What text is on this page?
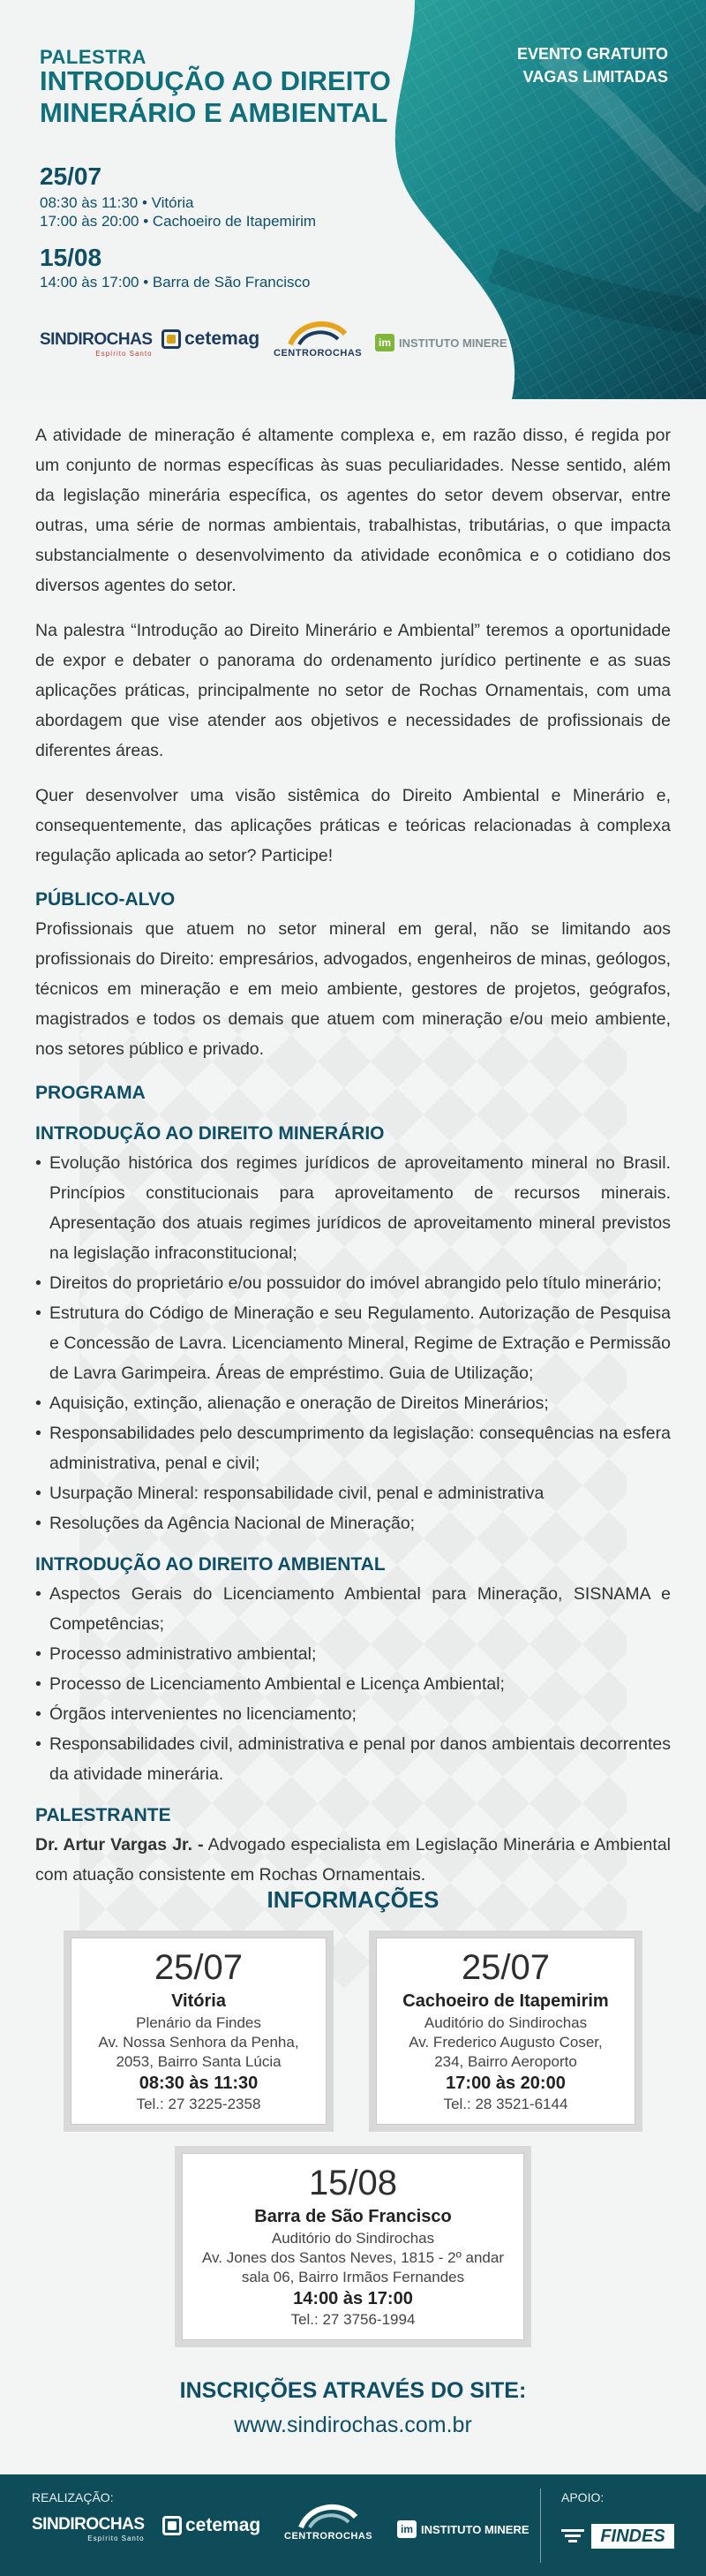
PALESTRA
INTRODUÇÃO AO DIREITO
MINERÁRIO E AMBIENTAL
EVENTO GRATUITO
VAGAS LIMITADAS
25/07
08:30 às 11:30 • Vitória
17:00 às 20:00 • Cachoeiro de Itapemirim
15/08
14:00 às 17:00 • Barra de São Francisco
SINDIROCHAS
Espírito Santo
cetemag
CENTROROCHAS
im INSTITUTO MINERE

A atividade de mineração é altamente complexa e, em razão disso, é regida por um conjunto de normas específicas às suas peculiaridades. Nesse sentido, além da legislação minerária específica, os agentes do setor devem observar, entre outras, uma série de normas ambientais, trabalhistas, tributárias, o que impacta substancialmente o desenvolvimento da atividade econômica e o cotidiano dos diversos agentes do setor.

Na palestra “Introdução ao Direito Minerário e Ambiental” teremos a oportunidade de expor e debater o panorama do ordenamento jurídico pertinente e as suas aplicações práticas, principalmente no setor de Rochas Ornamentais, com uma abordagem que vise atender aos objetivos e necessidades de profissionais de diferentes áreas.

Quer desenvolver uma visão sistêmica do Direito Ambiental e Minerário e, consequentemente, das aplicações práticas e teóricas relacionadas à complexa regulação aplicada ao setor? Participe!

PÚBLICO-ALVO

Profissionais que atuem no setor mineral em geral, não se limitando aos profissionais do Direito: empresários, advogados, engenheiros de minas, geólogos, técnicos em mineração e em meio ambiente, gestores de projetos, geógrafos, magistrados e todos os demais que atuem com mineração e/ou meio ambiente, nos setores público e privado.

PROGRAMA
INTRODUÇÃO AO DIREITO MINERÁRIO
• Evolução histórica dos regimes jurídicos de aproveitamento mineral no Brasil. Princípios constitucionais para aproveitamento de recursos minerais. Apresentação dos atuais regimes jurídicos de aproveitamento mineral previstos na legislação infraconstitucional;
• Direitos do proprietário e/ou possuidor do imóvel abrangido pelo título minerário;
• Estrutura do Código de Mineração e seu Regulamento. Autorização de Pesquisa e Concessão de Lavra. Licenciamento Mineral, Regime de Extração e Permissão de Lavra Garimpeira. Áreas de empréstimo. Guia de Utilização;
• Aquisição, extinção, alienação e oneração de Direitos Minerários;
• Responsabilidades pelo descumprimento da legislação: consequências na esfera administrativa, penal e civil;
• Usurpação Mineral: responsabilidade civil, penal e administrativa
• Resoluções da Agência Nacional de Mineração;
INTRODUÇÃO AO DIREITO AMBIENTAL
• Aspectos Gerais do Licenciamento Ambiental para Mineração, SISNAMA e Competências;
• Processo administrativo ambiental;
• Processo de Licenciamento Ambiental e Licença Ambiental;
• Órgãos intervenientes no licenciamento;
• Responsabilidades civil, administrativa e penal por danos ambientais decorrentes da atividade minerária.
PALESTRANTE

Dr. Artur Vargas Jr. - Advogado especialista em Legislação Minerária e Ambiental com atuação consistente em Rochas Ornamentais.

INFORMAÇÕES
25/07
Vitória
Plenário da Findes
Av. Nossa Senhora da Penha,
2053, Bairro Santa Lúcia
08:30 às 11:30
Tel.: 27 3225-2358
25/07
Cachoeiro de Itapemirim
Auditório do Sindirochas
Av. Frederico Augusto Coser,
234, Bairro Aeroporto
17:00 às 20:00
Tel.: 28 3521-6144
15/08
Barra de São Francisco
Auditório do Sindirochas
Av. Jones dos Santos Neves, 1815 - 2º andar
sala 06, Bairro Irmãos Fernandes
14:00 às 17:00
Tel.: 27 3756-1994
INSCRIÇÕES ATRAVÉS DO SITE:
www.sindirochas.com.br
REALIZAÇÃO:
SINDIROCHAS
Espírito Santo
cetemag
CENTROROCHAS
im INSTITUTO MINERE
APOIO:
FINDES
